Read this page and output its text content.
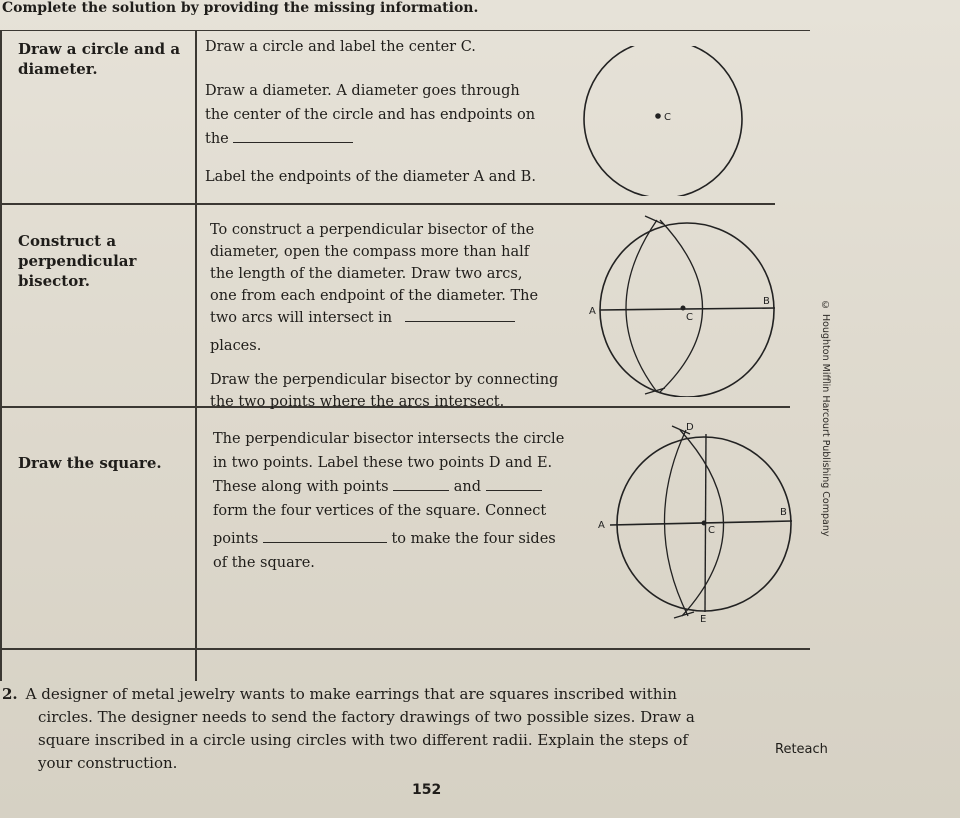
Complete the solution by providing the missing information.
Draw a circle and a
diameter.
Draw a circle and label the center C.
Draw a diameter. A diameter goes through
the center of the circle and has endpoints on
the
Label the endpoints of the diameter A and B.
Construct a
perpendicular
bisector.
To construct a perpendicular bisector of the
diameter, open the compass more than half
the length of the diameter. Draw two arcs,
one from each endpoint of the diameter. The
two arcs will intersect in
places.
Draw the perpendicular bisector by connecting
the two points where the arcs intersect.
Draw the square.
The perpendicular bisector intersects the circle
in two points. Label these two points D and E.
These along with points	and
form the four vertices of the square. Connect
points	to make the four sides
of the square.
C
A
B
C
A
B
C
D
E
© Houghton Mifflin Harcourt Publishing Company
2. A designer of metal jewelry wants to make earrings that are squares inscribed within
circles. The designer needs to send the factory drawings of two possible sizes. Draw a
square inscribed in a circle using circles with two different radii. Explain the steps of
your construction.
Reteach
152
